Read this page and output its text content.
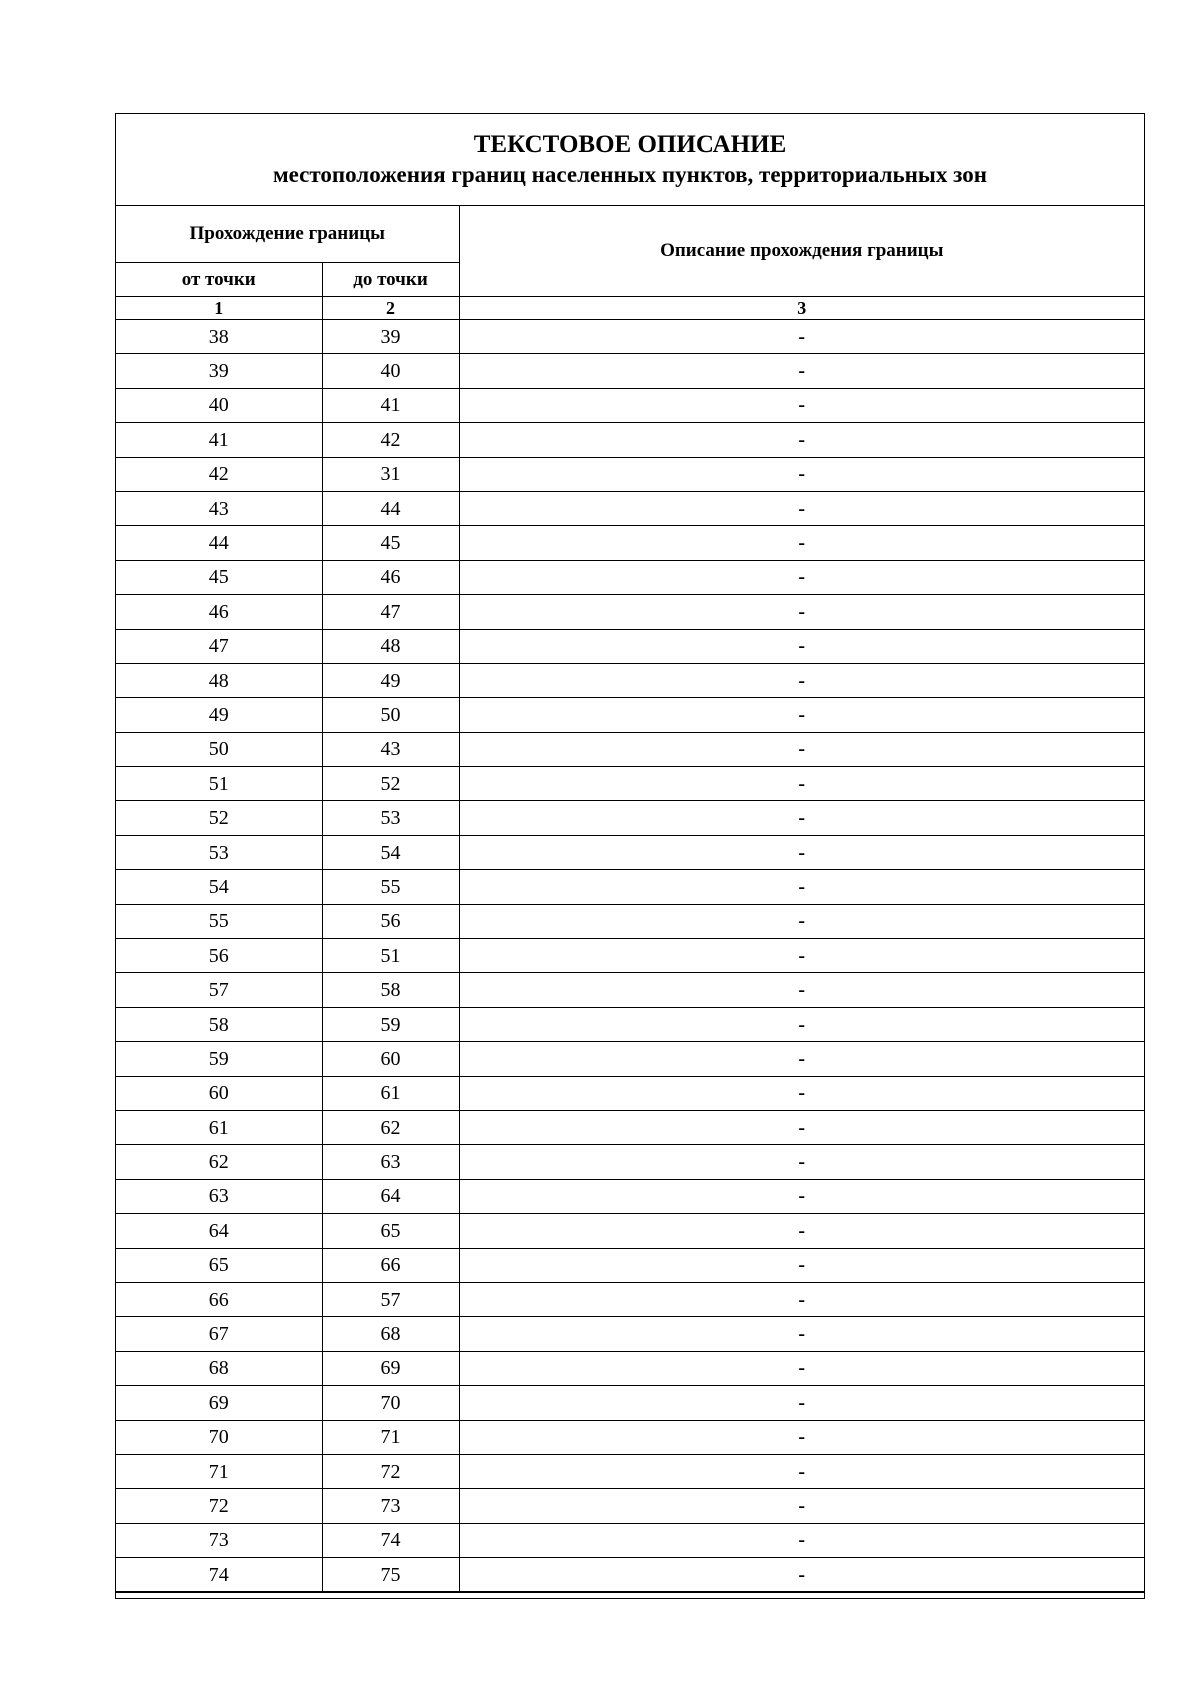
ТЕКСТОВОЕ ОПИСАНИЕ
местоположения границ населенных пунктов, территориальных зон
Прохождение границы		Описание прохождения границы
от точки	до точки	
1	2	3
38	39	-
39	40	-
40	41	-
41	42	-
42	31	-
43	44	-
44	45	-
45	46	-
46	47	-
47	48	-
48	49	-
49	50	-
50	43	-
51	52	-
52	53	-
53	54	-
54	55	-
55	56	-
56	51	-
57	58	-
58	59	-
59	60	-
60	61	-
61	62	-
62	63	-
63	64	-
64	65	-
65	66	-
66	57	-
67	68	-
68	69	-
69	70	-
70	71	-
71	72	-
72	73	-
73	74	-
74	75	-
